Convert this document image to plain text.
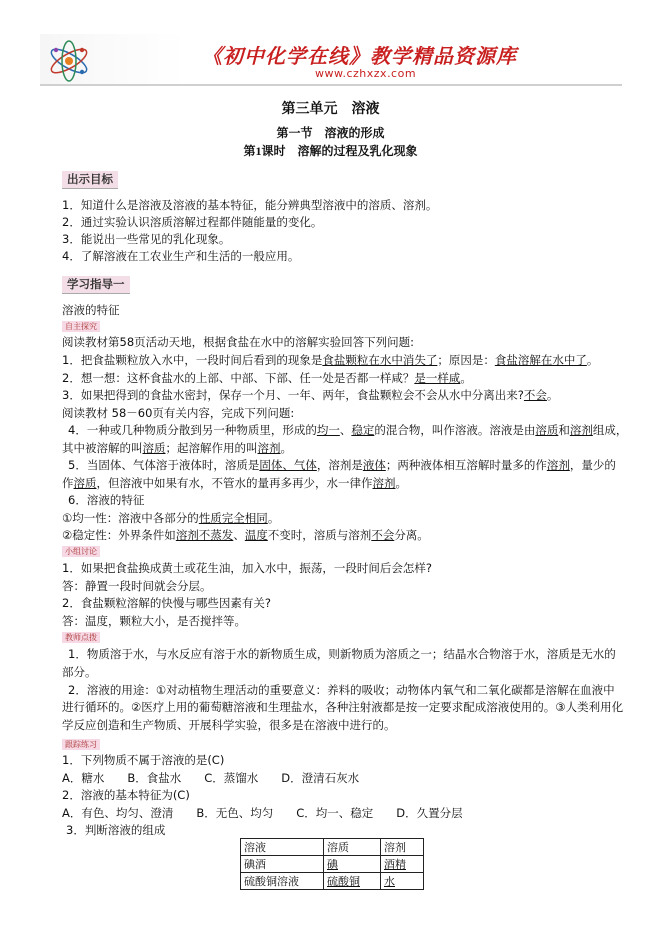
《初中化学在线》教学精品资源库
www.czhxzx.com
第三单元　溶液
第一节　溶液的形成
第1课时　溶解的过程及乳化现象
出示目标
1．知道什么是溶液及溶液的基本特征，能分辨典型溶液中的溶质、溶剂。
2．通过实验认识溶质溶解过程都伴随能量的变化。
3．能说出一些常见的乳化现象。
4．了解溶液在工农业生产和生活的一般应用。
学习指导一
溶液的特征
自主探究
阅读教材第58页活动天地，根据食盐在水中的溶解实验回答下列问题:
1．把食盐颗粒放入水中，一段时间后看到的现象是食盐颗粒在水中消失了；原因是：食盐溶解在水中了。
2．想一想：这杯食盐水的上部、中部、下部、任一处是否都一样咸？是一样咸。
3．如果把得到的食盐水密封，保存一个月、一年、两年，食盐颗粒会不会从水中分离出来?不会。
阅读教材 58－60页有关内容，完成下列问题:
4．一种或几种物质分散到另一种物质里，形成的均一、稳定的混合物，叫作溶液。溶液是由溶质和溶剂组成，
其中被溶解的叫溶质；起溶解作用的叫溶剂。
5．当固体、气体溶于液体时，溶质是固体、气体，溶剂是液体；两种液体相互溶解时量多的作溶剂，量少的
作溶质，但溶液中如果有水，不管水的量再多再少，水一律作溶剂。
6．溶液的特征
①均一性：溶液中各部分的性质完全相同。
②稳定性：外界条件如溶剂不蒸发、温度不变时，溶质与溶剂不会分离。
小组讨论
1．如果把食盐换成黄土或花生油，加入水中，振荡，一段时间后会怎样?
答：静置一段时间就会分层。
2．食盐颗粒溶解的快慢与哪些因素有关?
答：温度，颗粒大小，是否搅拌等。
教师点拨
1．物质溶于水，与水反应有溶于水的新物质生成，则新物质为溶质之一；结晶水合物溶于水，溶质是无水的
部分。
2．溶液的用途：①对动植物生理活动的重要意义：养料的吸收；动物体内氧气和二氧化碳都是溶解在血液中
进行循环的。②医疗上用的葡萄糖溶液和生理盐水，各种注射液都是按一定要求配成溶液使用的。③人类利用化
学反应创造和生产物质、开展科学实验，很多是在溶液中进行的。
跟踪练习
1．下列物质不属于溶液的是(C)
A．糖水　　B．食盐水　　C．蒸馏水　　D．澄清石灰水
2．溶液的基本特征为(C)
A．有色、均匀、澄清　　B．无色、均匀　　C．均一、稳定　　D．久置分层
3．判断溶液的组成
溶液	溶质	溶剂
碘酒	碘	酒精
硫酸铜溶液	硫酸铜	水
